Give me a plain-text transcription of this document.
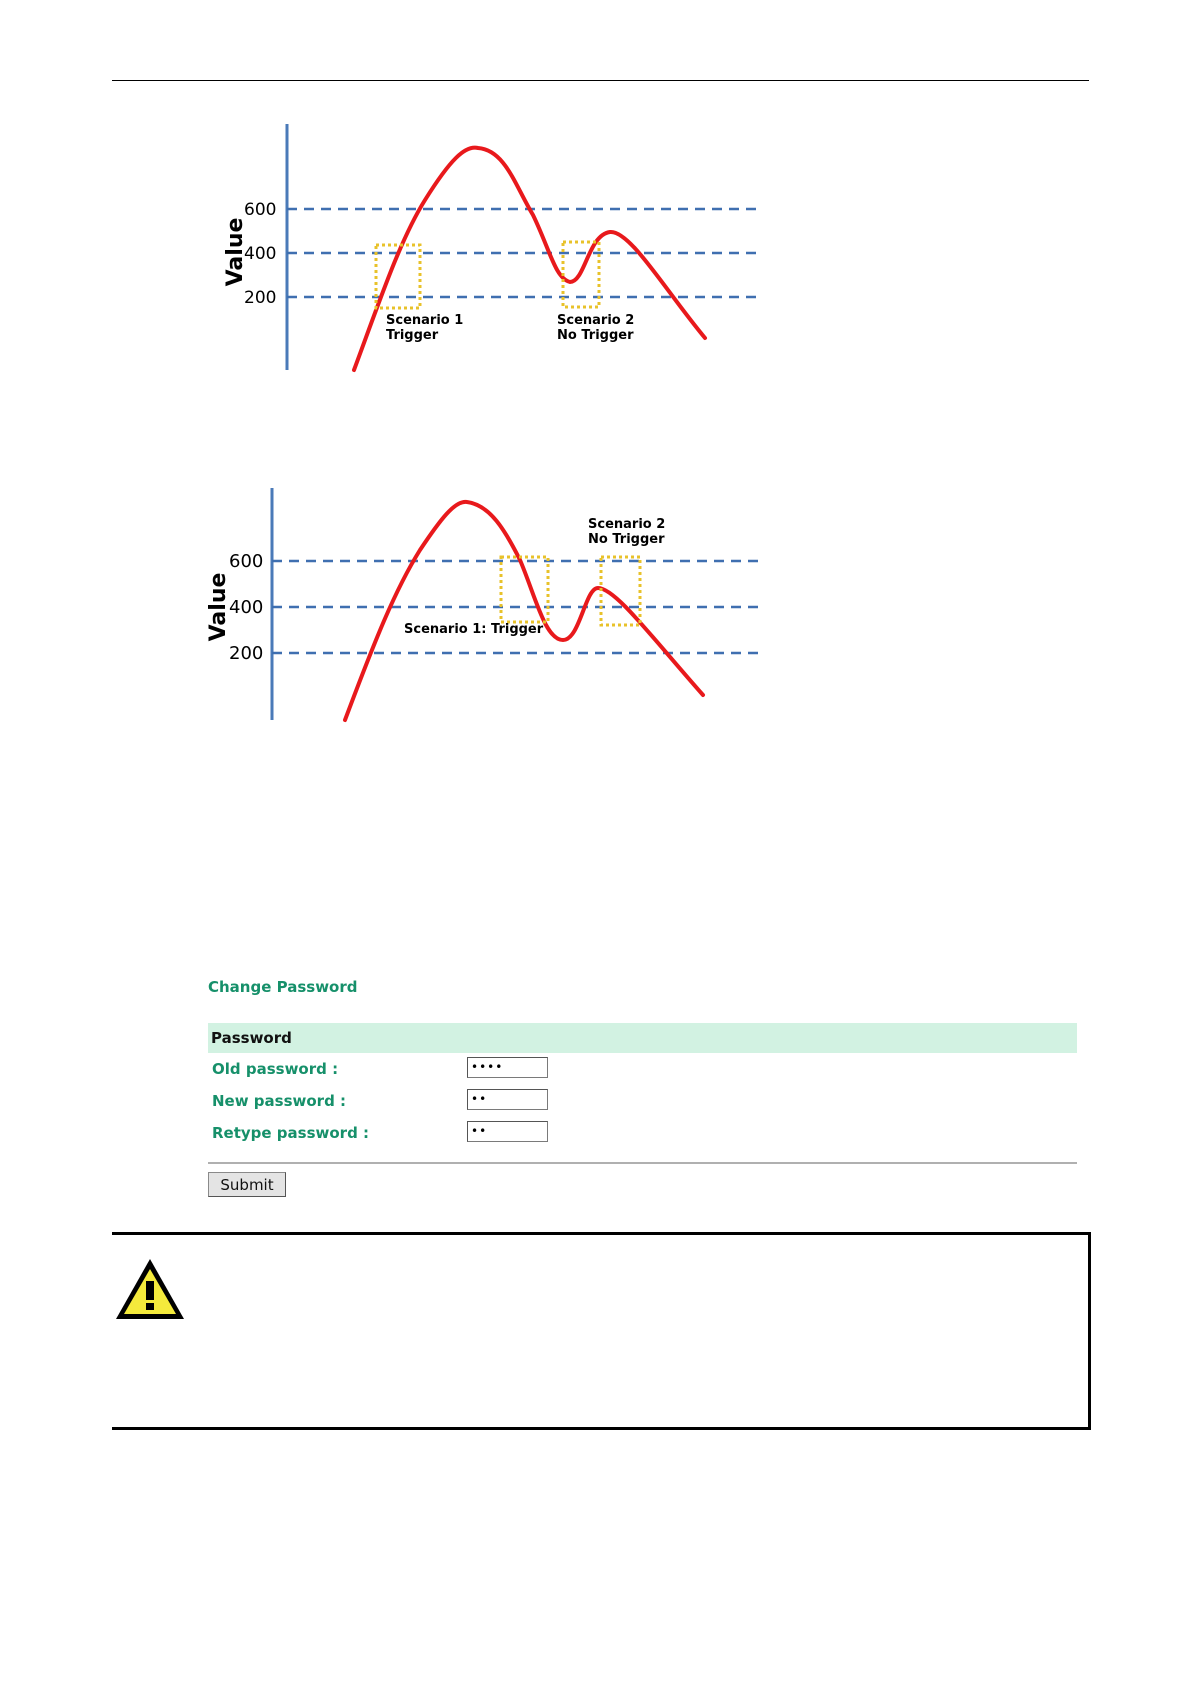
600
400
200
Value
Scenario 1
Trigger
Scenario 2
No Trigger
600
400
200
Value	Scenario 1: Trigger
Scenario 2
No Trigger
Change Password
Password
Old password :	••••
New password :	••
Retype password :	••
Submit
